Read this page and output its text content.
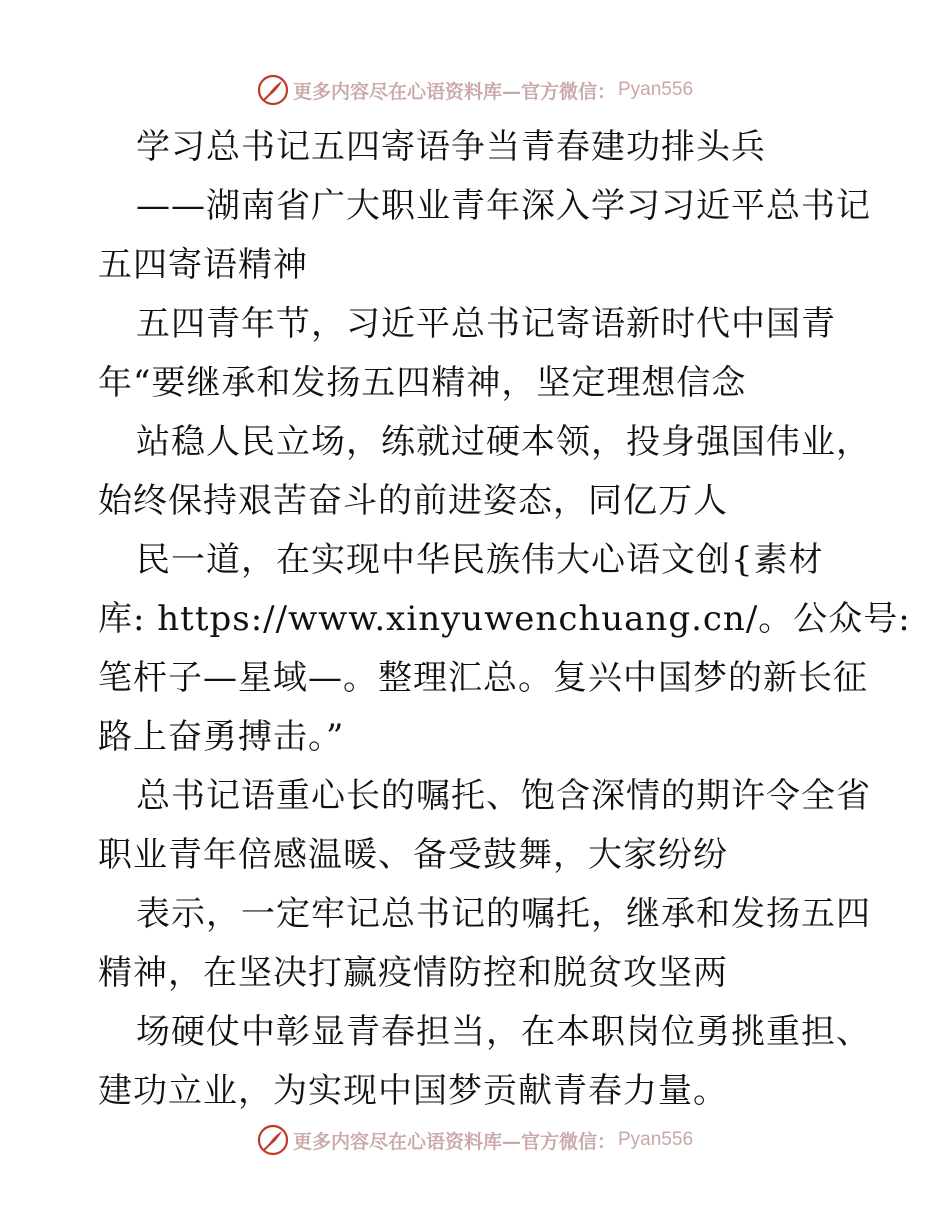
更多内容尽在心语资料库—官方微信： Pyan556
学习总书记五四寄语争当青春建功排头兵
——湖南省广大职业青年深入学习习近平总书记
五四寄语精神
五四青年节，习近平总书记寄语新时代中国青
年“要继承和发扬五四精神，坚定理想信念
站稳人民立场，练就过硬本领，投身强国伟业，
始终保持艰苦奋斗的前进姿态，同亿万人
民一道，在实现中华民族伟大心语文创{素材
库: https://www.xinyuwenchuang.cn/。公众号:
笔杆子—星域—。整理汇总。复兴中国梦的新长征
路上奋勇搏击。”
总书记语重心长的嘱托、饱含深情的期许令全省
职业青年倍感温暖、备受鼓舞，大家纷纷
表示，一定牢记总书记的嘱托，继承和发扬五四
精神，在坚决打赢疫情防控和脱贫攻坚两
场硬仗中彰显青春担当，在本职岗位勇挑重担、
建功立业，为实现中国梦贡献青春力量。
更多内容尽在心语资料库—官方微信： Pyan556
